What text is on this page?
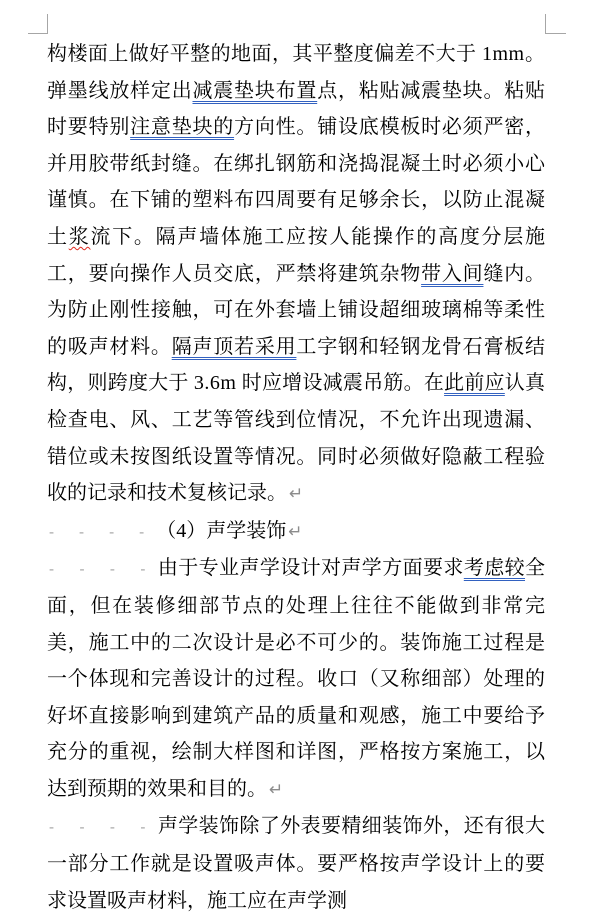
构楼面上做好平整的地面，其平整度偏差不大于 1mm。弹墨线放样定出减震垫块布置点，粘贴减震垫块。粘贴时要特别注意垫块的方向性。铺设底模板时必须严密，并用胶带纸封缝。在绑扎钢筋和浇捣混凝土时必须小心谨慎。在下铺的塑料布四周要有足够余长，以防止混凝土浆流下。隔声墙体施工应按人能操作的高度分层施工，要向操作人员交底，严禁将建筑杂物带入间缝内。为防止刚性接触，可在外套墙上铺设超细玻璃棉等柔性的吸声材料。隔声顶若采用工字钢和轻钢龙骨石膏板结构，则跨度大于 3.6m 时应增设减震吊筋。在此前应认真检查电、风、工艺等管线到位情况，不允许出现遗漏、错位或未按图纸设置等情况。同时必须做好隐蔽工程验收的记录和技术复核记录。 ↵

- - - - （4）声学装饰 ↵

- - - - 由于专业声学设计对声学方面要求考虑较全面，但在装修细部节点的处理上往往不能做到非常完美，施工中的二次设计是必不可少的。装饰施工过程是一个体现和完善设计的过程。收口（又称细部）处理的好坏直接影响到建筑产品的质量和观感，施工中要给予充分的重视，绘制大样图和详图，严格按方案施工，以达到预期的效果和目的。 ↵

- - - - 声学装饰除了外表要精细装饰外，还有很大一部分工作就是设置吸声体。要严格按声学设计上的要求设置吸声材料，施工应在声学测
